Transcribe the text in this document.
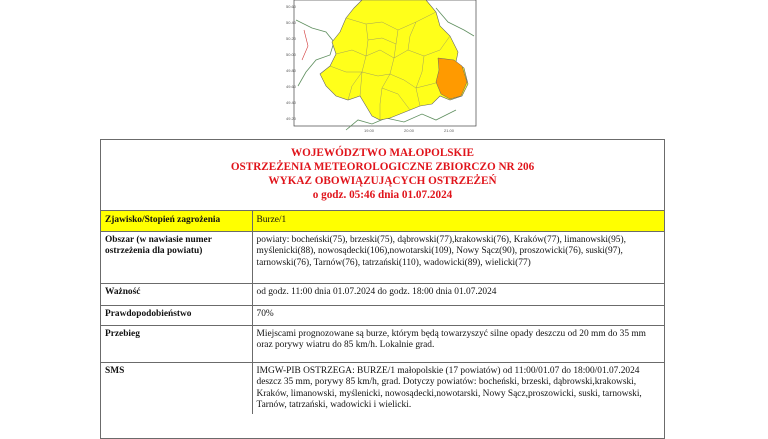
19.00	20.00	21.00
50.60
50.40
50.20
50.00
49.80
49.60
49.40
49.20
WOJEWÓDZTWO MAŁOPOLSKIE
OSTRZEŻENIA METEOROLOGICZNE ZBIORCZO NR 206
WYKAZ OBOWIĄZUJĄCYCH OSTRZEŻEŃ
o godz. 05:46 dnia 01.07.2024
Zjawisko/Stopień zagrożenia	Burze/1
Obszar (w nawiasie numer ostrzeżenia dla powiatu)	powiaty: bocheński(75), brzeski(75), dąbrowski(77),krakowski(76), Kraków(77), limanowski(95), myślenicki(88), nowosądecki(106),nowotarski(109), Nowy Sącz(90), proszowicki(76), suski(97), tarnowski(76), Tarnów(76), tatrzański(110), wadowicki(89), wielicki(77)
Ważność	od godz. 11:00 dnia 01.07.2024 do godz. 18:00 dnia 01.07.2024
Prawdopodobieństwo	70%
Przebieg	Miejscami prognozowane są burze, którym będą towarzyszyć silne opady deszczu od 20 mm do 35 mm oraz porywy wiatru do 85 km/h. Lokalnie grad.
SMS	IMGW-PIB OSTRZEGA: BURZE/1 małopolskie (17 powiatów) od 11:00/01.07 do 18:00/01.07.2024 deszcz 35 mm, porywy 85 km/h, grad. Dotyczy powiatów: bocheński, brzeski, dąbrowski,krakowski, Kraków, limanowski, myślenicki, nowosądecki,nowotarski, Nowy Sącz,proszowicki, suski, tarnowski, Tarnów, tatrzański, wadowicki i wielicki.
